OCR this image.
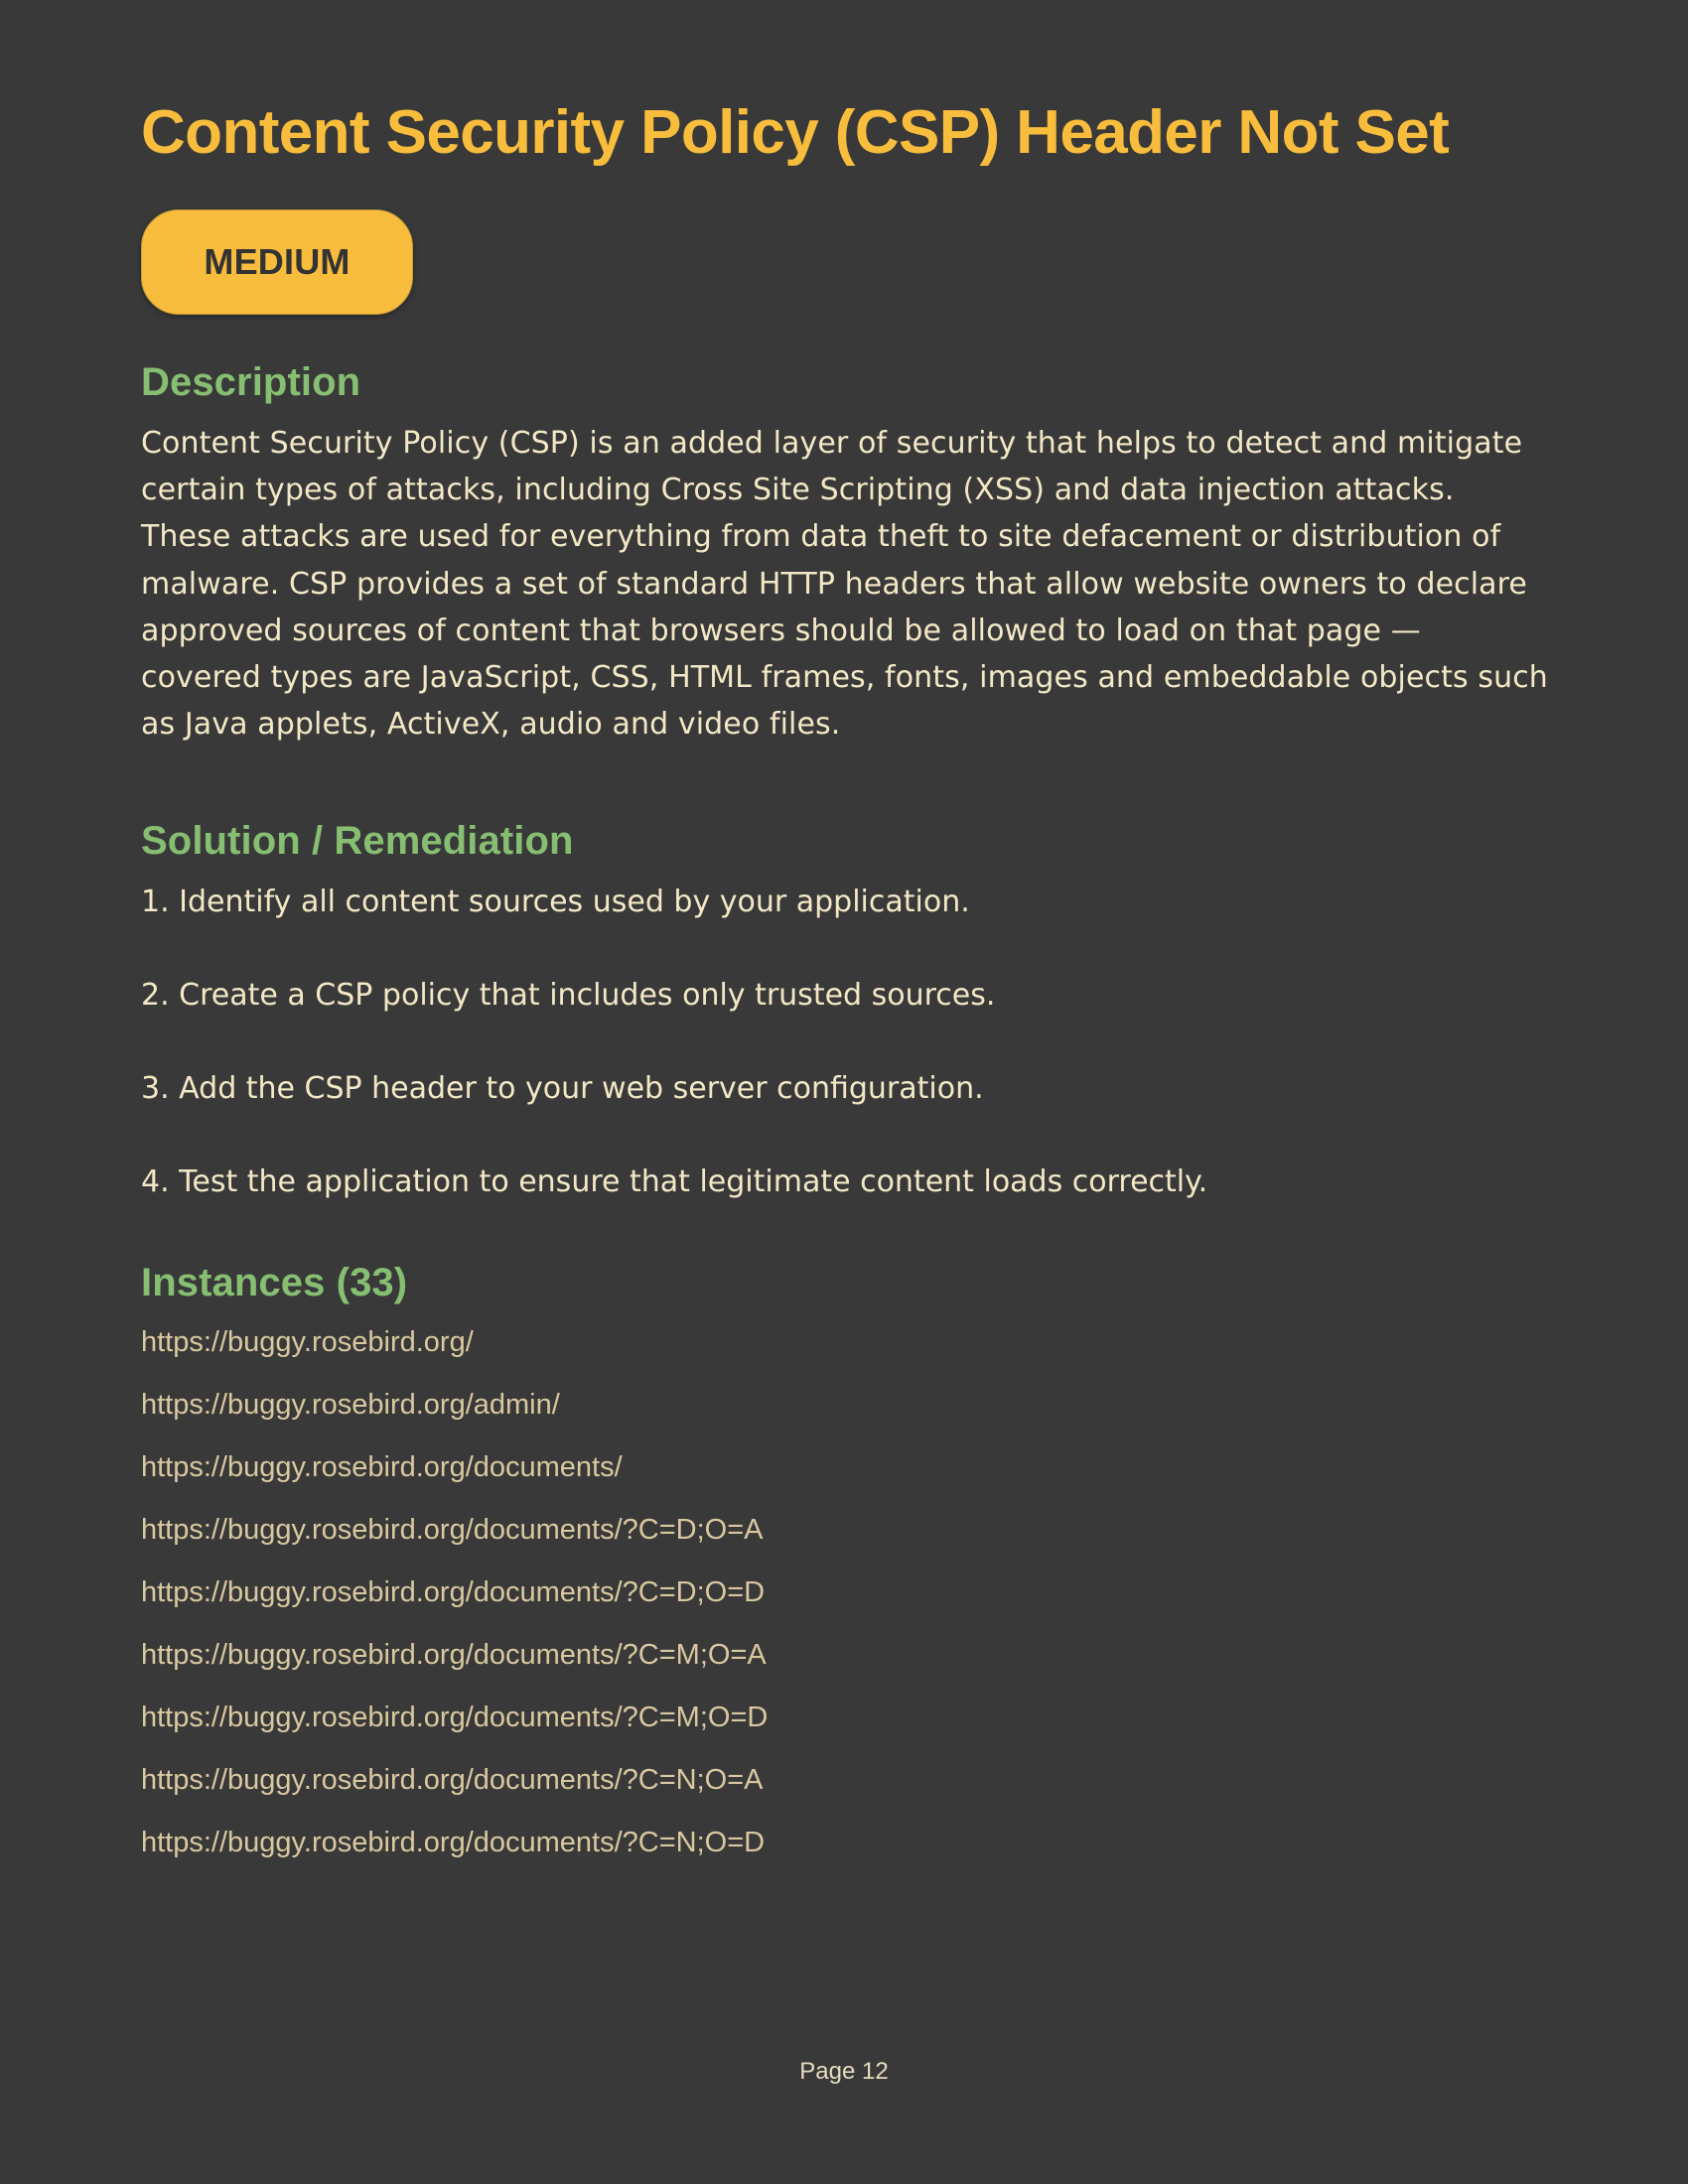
Content Security Policy (CSP) Header Not Set
MEDIUM
Description

Content Security Policy (CSP) is an added layer of security that helps to detect and mitigate certain types of attacks, including Cross Site Scripting (XSS) and data injection attacks. These attacks are used for everything from data theft to site defacement or distribution of malware. CSP provides a set of standard HTTP headers that allow website owners to declare approved sources of content that browsers should be allowed to load on that page — covered types are JavaScript, CSS, HTML frames, fonts, images and embeddable objects such as Java applets, ActiveX, audio and video files.

Solution / Remediation
1. Identify all content sources used by your application.
2. Create a CSP policy that includes only trusted sources.
3. Add the CSP header to your web server configuration.
4. Test the application to ensure that legitimate content loads correctly.
Instances (33)
https://buggy.rosebird.org/
https://buggy.rosebird.org/admin/
https://buggy.rosebird.org/documents/
https://buggy.rosebird.org/documents/?C=D;O=A
https://buggy.rosebird.org/documents/?C=D;O=D
https://buggy.rosebird.org/documents/?C=M;O=A
https://buggy.rosebird.org/documents/?C=M;O=D
https://buggy.rosebird.org/documents/?C=N;O=A
https://buggy.rosebird.org/documents/?C=N;O=D
Page 12
